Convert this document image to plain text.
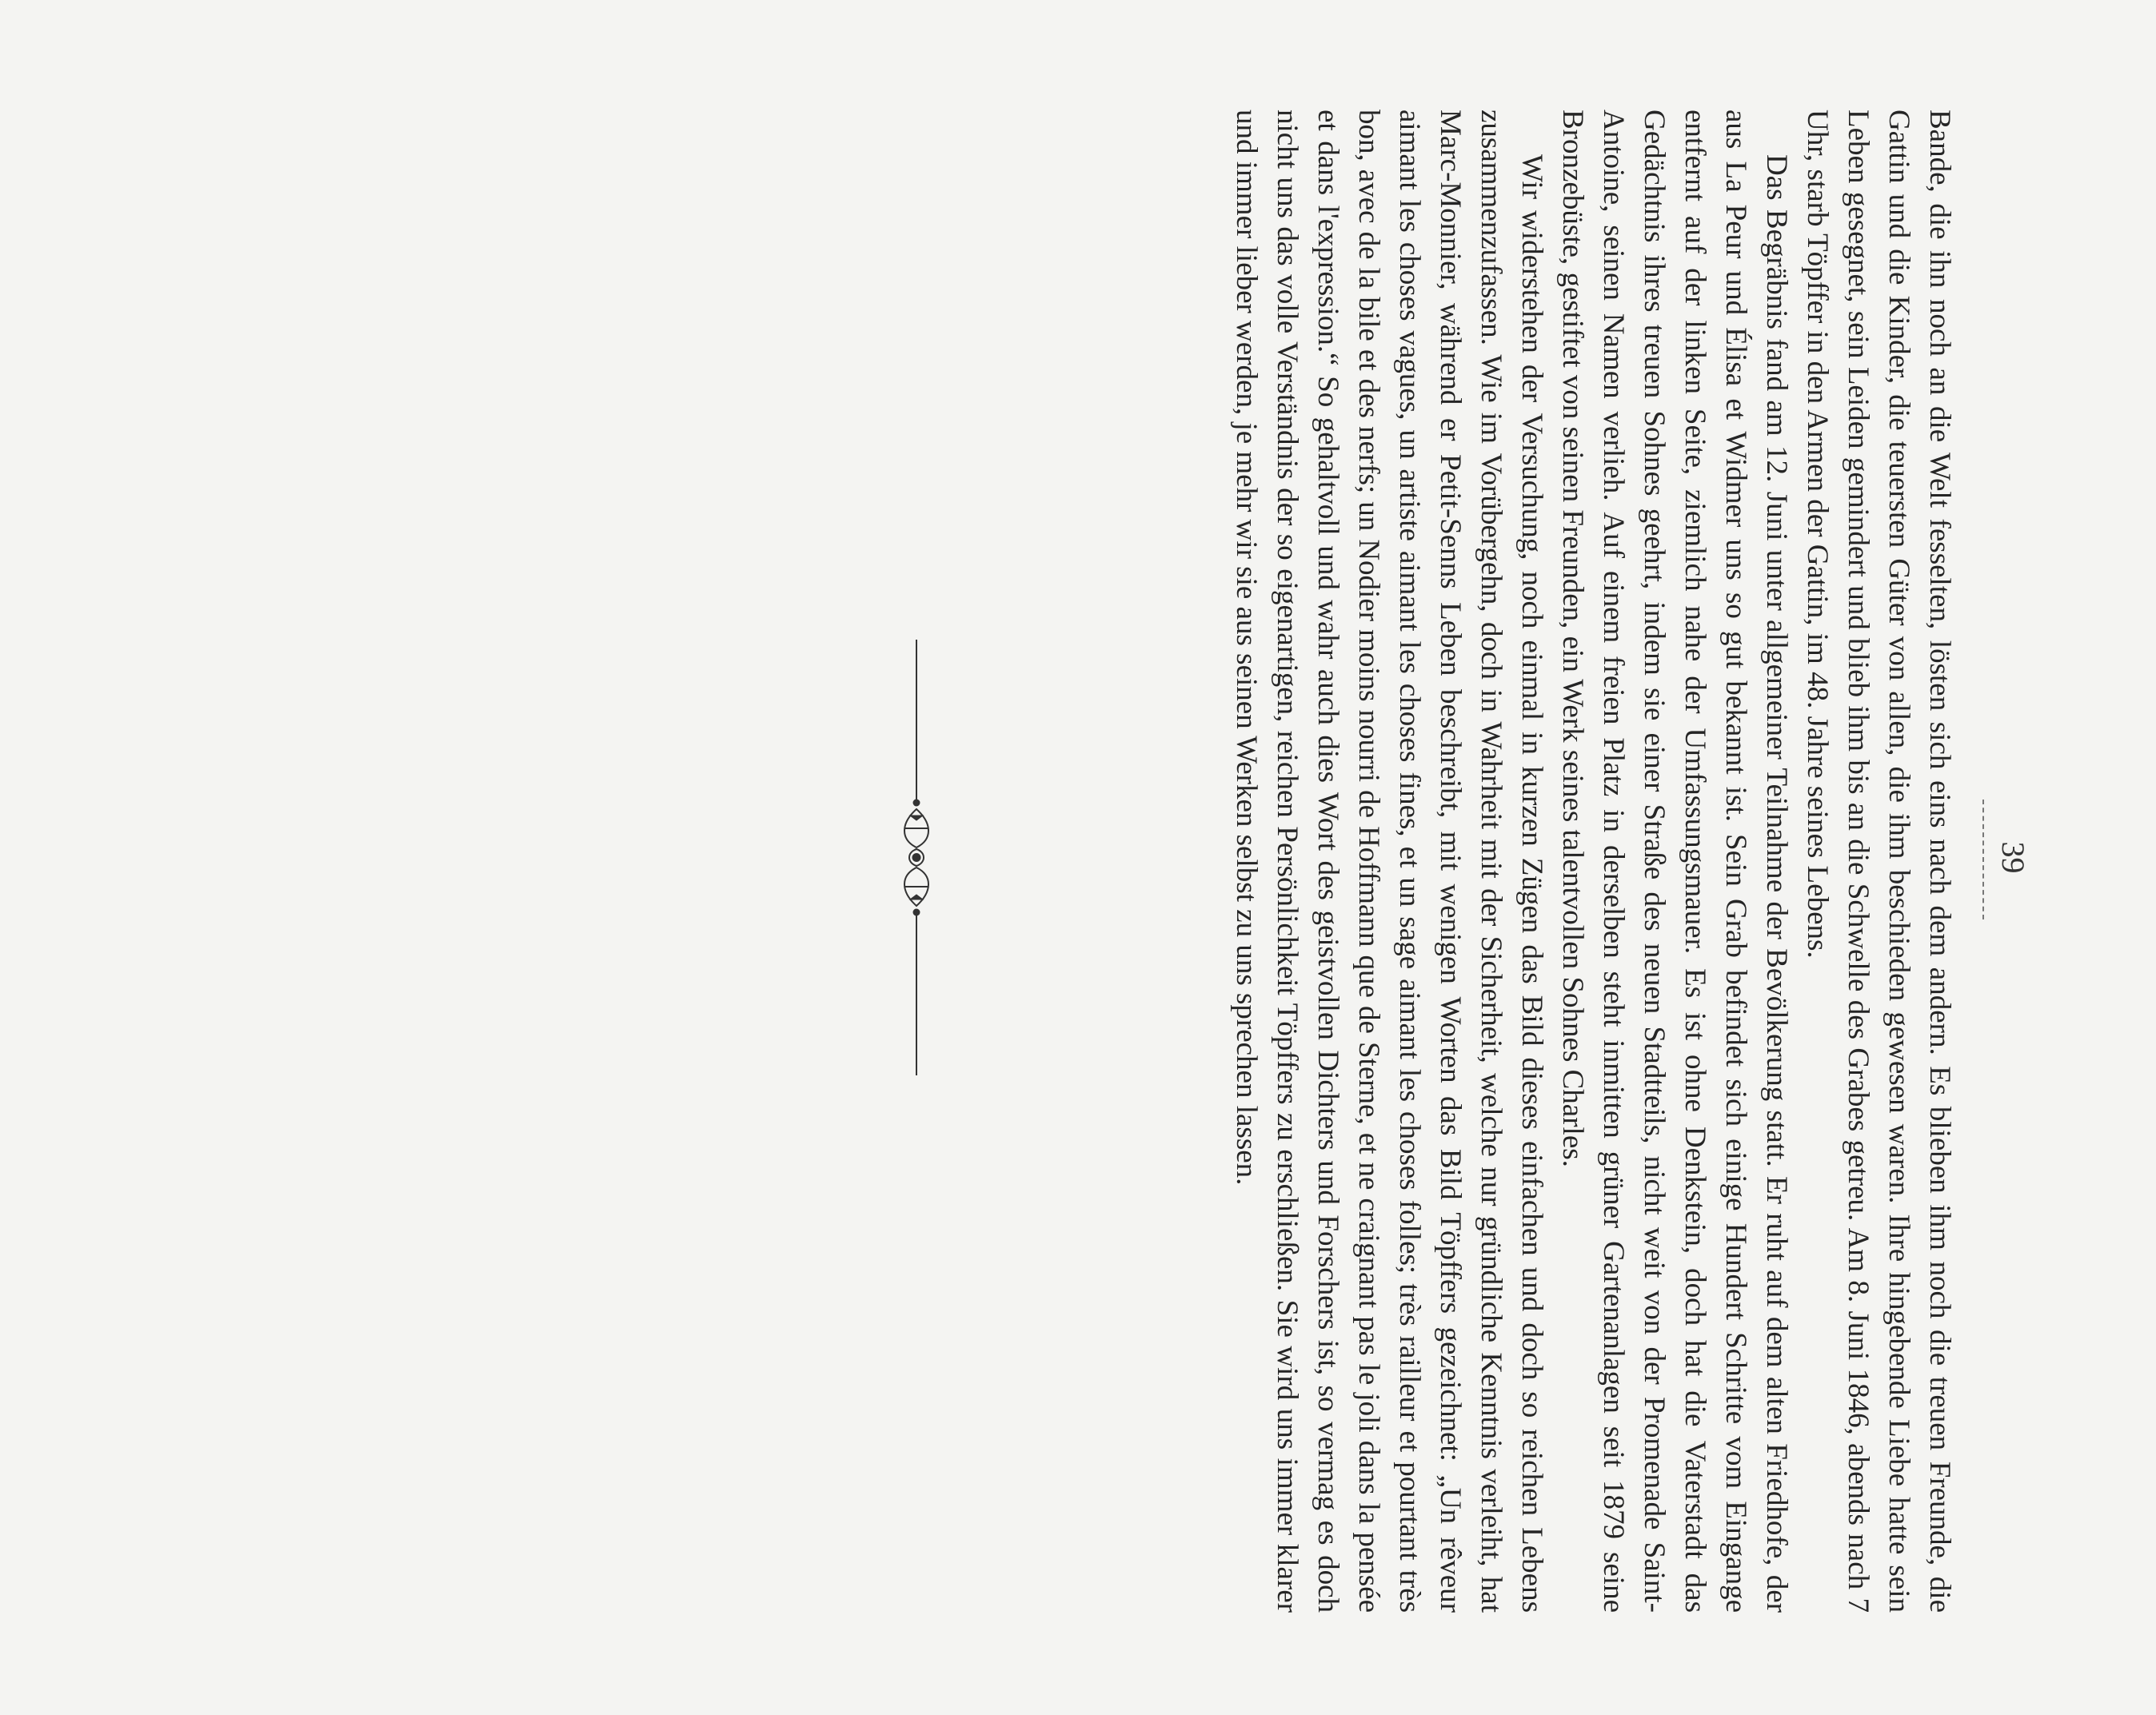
39

Bande, die ihn noch an die Welt fesselten, lösten sich eins nach dem andern. Es blieben ihm noch die treuen Freunde, die Gattin und die Kinder, die teuersten Güter von allen, die ihm beschieden gewesen waren. Ihre hingebende Liebe hatte sein Leben gesegnet, sein Leiden gemindert und blieb ihm bis an die Schwelle des Grabes getreu. Am 8. Juni 1846, abends nach 7 Uhr, starb Töpffer in den Armen der Gattin, im 48. Jahre seines Lebens.

Das Begräbnis fand am 12. Juni unter allgemeiner Teilnahme der Bevölkerung statt. Er ruht auf dem alten Friedhofe, der aus La Peur und Élisa et Widmer uns so gut bekannt ist. Sein Grab befindet sich einige Hundert Schritte vom Eingange entfernt auf der linken Seite, ziemlich nahe der Umfassungsmauer. Es ist ohne Denkstein, doch hat die Vaterstadt das Gedächtnis ihres treuen Sohnes geehrt, indem sie einer Straße des neuen Stadtteils, nicht weit von der Promenade Saint-Antoine, seinen Namen verlieh. Auf einem freien Platz in derselben steht inmitten grüner Gartenanlagen seit 1879 seine Bronzebüste, gestiftet von seinen Freunden, ein Werk seines talentvollen Sohnes Charles.

Wir widerstehen der Versuchung, noch einmal in kurzen Zügen das Bild dieses einfachen und doch so reichen Lebens zusammenzufassen. Wie im Vorübergehn, doch in Wahrheit mit der Sicherheit, welche nur gründliche Kenntnis verleiht, hat Marc-Monnier, während er Petit-Senns Leben beschreibt, mit wenigen Worten das Bild Töpffers gezeichnet: „Un rêveur aimant les choses vagues, un artiste aimant les choses fines, et un sage aimant les choses folles; très railleur et pourtant très bon, avec de la bile et des nerfs; un Nodier moins nourri de Hoffmann que de Sterne, et ne craignant pas le joli dans la pensée et dans l'expression.“ So gehaltvoll und wahr auch dies Wort des geistvollen Dichters und Forschers ist, so vermag es doch nicht uns das volle Verständnis der so eigenartigen, reichen Persönlichkeit Töpffers zu erschließen. Sie wird uns immer klarer und immer lieber werden, je mehr wir sie aus seinen Werken selbst zu uns sprechen lassen.
